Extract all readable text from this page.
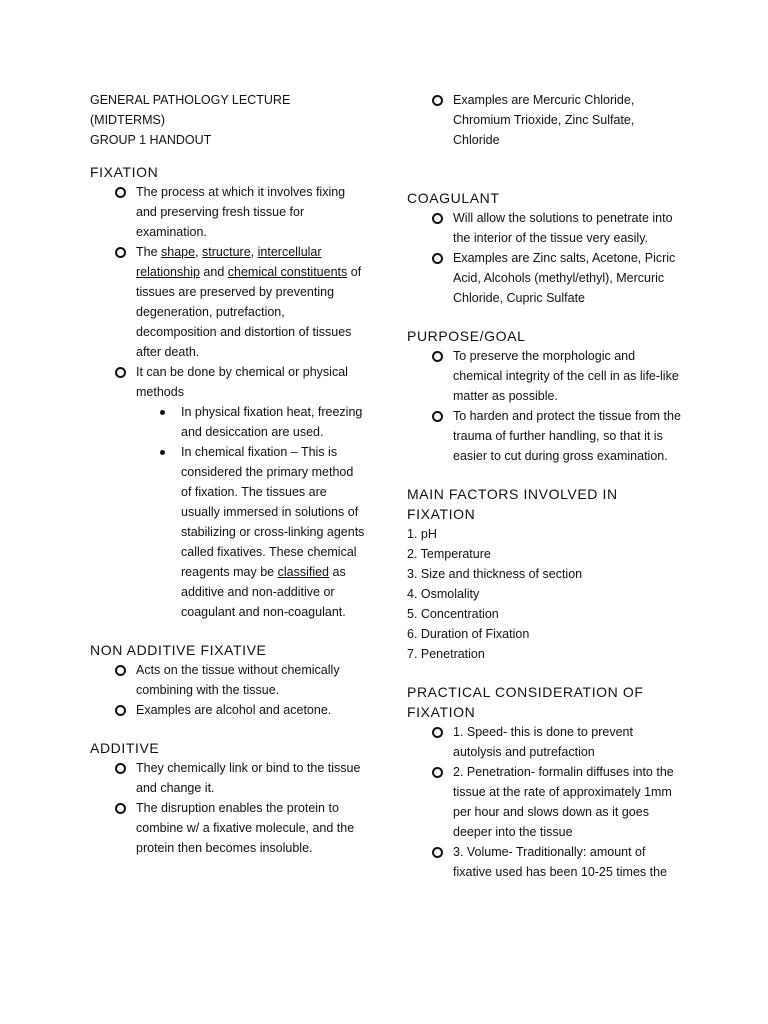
GENERAL PATHOLOGY LECTURE (MIDTERMS)

GROUP 1 HANDOUT

FIXATION
The process at which it involves fixing and preserving fresh tissue for examination.
The shape, structure, intercellular relationship and chemical constituents of tissues are preserved by preventing degeneration, putrefaction, decomposition and distortion of tissues after death.
It can be done by chemical or physical methods
In physical fixation heat, freezing and desiccation are used.
In chemical fixation – This is considered the primary method of fixation. The tissues are usually immersed in solutions of stabilizing or cross-linking agents called fixatives. These chemical reagents may be classified as additive and non-additive or coagulant and non-coagulant.
NON ADDITIVE FIXATIVE
Acts on the tissue without chemically combining with the tissue.
Examples are alcohol and acetone.
ADDITIVE
They chemically link or bind to the tissue and change it.
The disruption enables the protein to combine w/ a fixative molecule, and the protein then becomes insoluble.
Examples are Mercuric Chloride, Chromium Trioxide, Zinc Sulfate, Chloride
COAGULANT
Will allow the solutions to penetrate into the interior of the tissue very easily.
Examples are Zinc salts, Acetone, Picric Acid, Alcohols (methyl/ethyl), Mercuric Chloride, Cupric Sulfate
PURPOSE/GOAL
To preserve the morphologic and chemical integrity of the cell in as life-like matter as possible.
To harden and protect the tissue from the trauma of further handling, so that it is easier to cut during gross examination.
MAIN FACTORS INVOLVED IN FIXATION
1. pH
2. Temperature
3. Size and thickness of section
4. Osmolality
5. Concentration
6. Duration of Fixation
7. Penetration
PRACTICAL CONSIDERATION OF FIXATION
1. Speed- this is done to prevent autolysis and putrefaction
2. Penetration- formalin diffuses into the tissue at the rate of approximately 1mm per hour and slows down as it goes deeper into the tissue
3. Volume- Traditionally: amount of fixative used has been 10-25 times the
